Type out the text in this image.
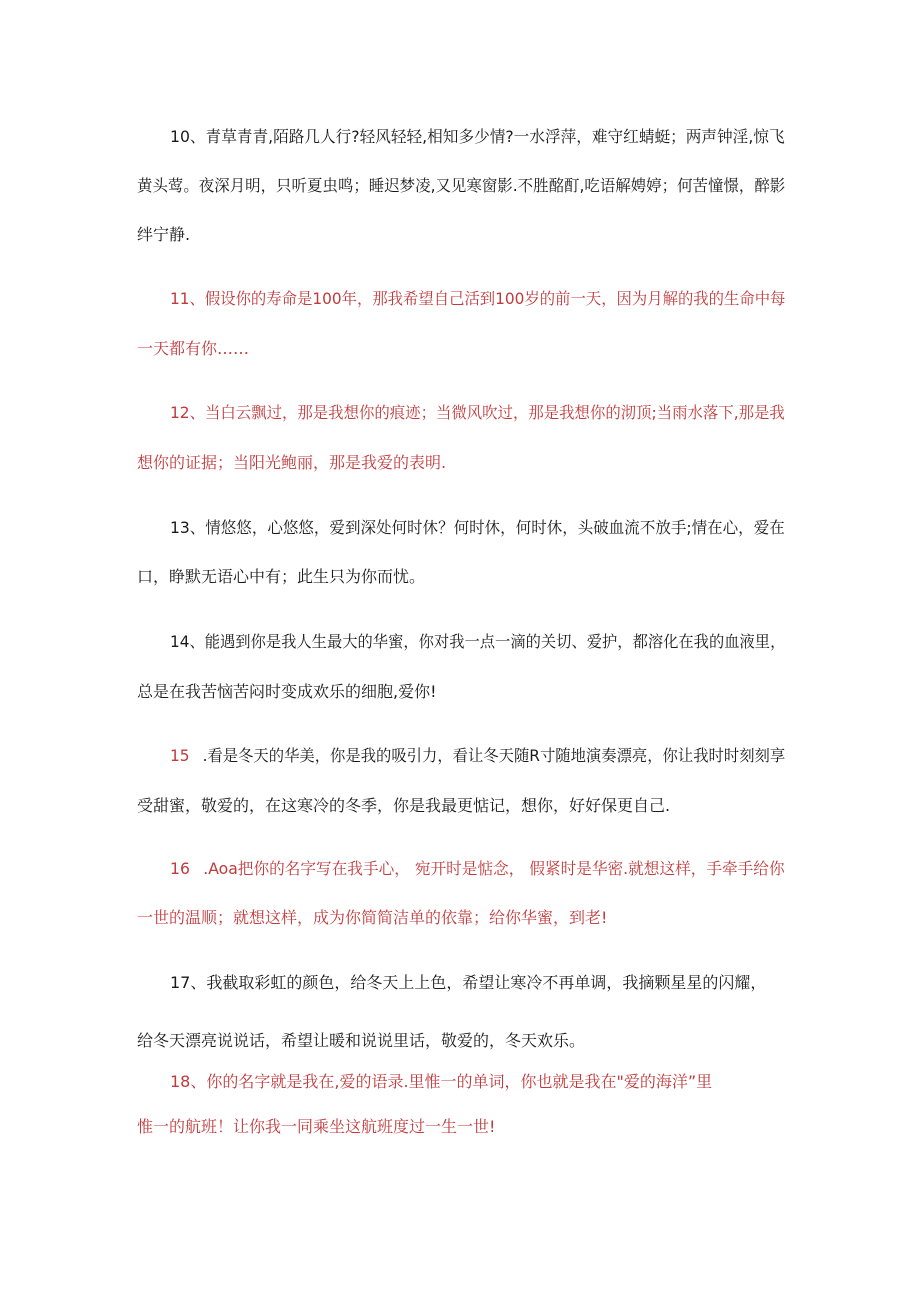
10、青草青青,陌路几人行?轻风轻轻,相知多少情?一水浮萍，难守红蜻蜓；两声钟淫,惊飞
黄头莺。夜深月明，只听夏虫鸣；睡迟梦凌,又见寒窗影.不胜酩酊,吃语解娉婷；何苦憧憬，醉影
绊宁静.
11、假设你的寿命是100年，那我希望自己活到100岁的前一天，因为月解的我的生命中每
一天都有你……
12、当白云飘过，那是我想你的痕迹；当微风吹过，那是我想你的沏顶;当雨水落下,那是我
想你的证据；当阳光鲍丽，那是我爱的表明.
13、情悠悠，心悠悠，爱到深处何时休？何时休，何时休，头破血流不放手;情在心，爱在
口，睁默无语心中有；此生只为你而忧。
14、能遇到你是我人生最大的华蜜，你对我一点一滴的关切、爱护，都溶化在我的血液里，
总是在我苦恼苦闷时变成欢乐的细胞,爱你!
15 .看是冬天的华美，你是我的吸引力，看让冬天随R寸随地演奏漂亮，你让我时时刻刻享
受甜蜜，敬爱的，在这寒冷的冬季，你是我最更惦记，想你，好好保更自己.
16 .Aoa把你的名字写在我手心， 宛开时是惦念， 假紧时是华密.就想这样，手牵手给你
一世的温顺；就想这样，成为你简简洁单的依靠；给你华蜜，到老!
17、我截取彩虹的颜色，给冬天上上色，希望让寒冷不再单调，我摘颗星星的闪耀，
给冬天漂亮说说话，希望让暖和说说里话，敬爱的，冬天欢乐。
18、你的名字就是我在,爱的语录.里惟一的单词，你也就是我在"爱的海洋”里
惟一的航班！让你我一同乘坐这航班度过一生一世!
